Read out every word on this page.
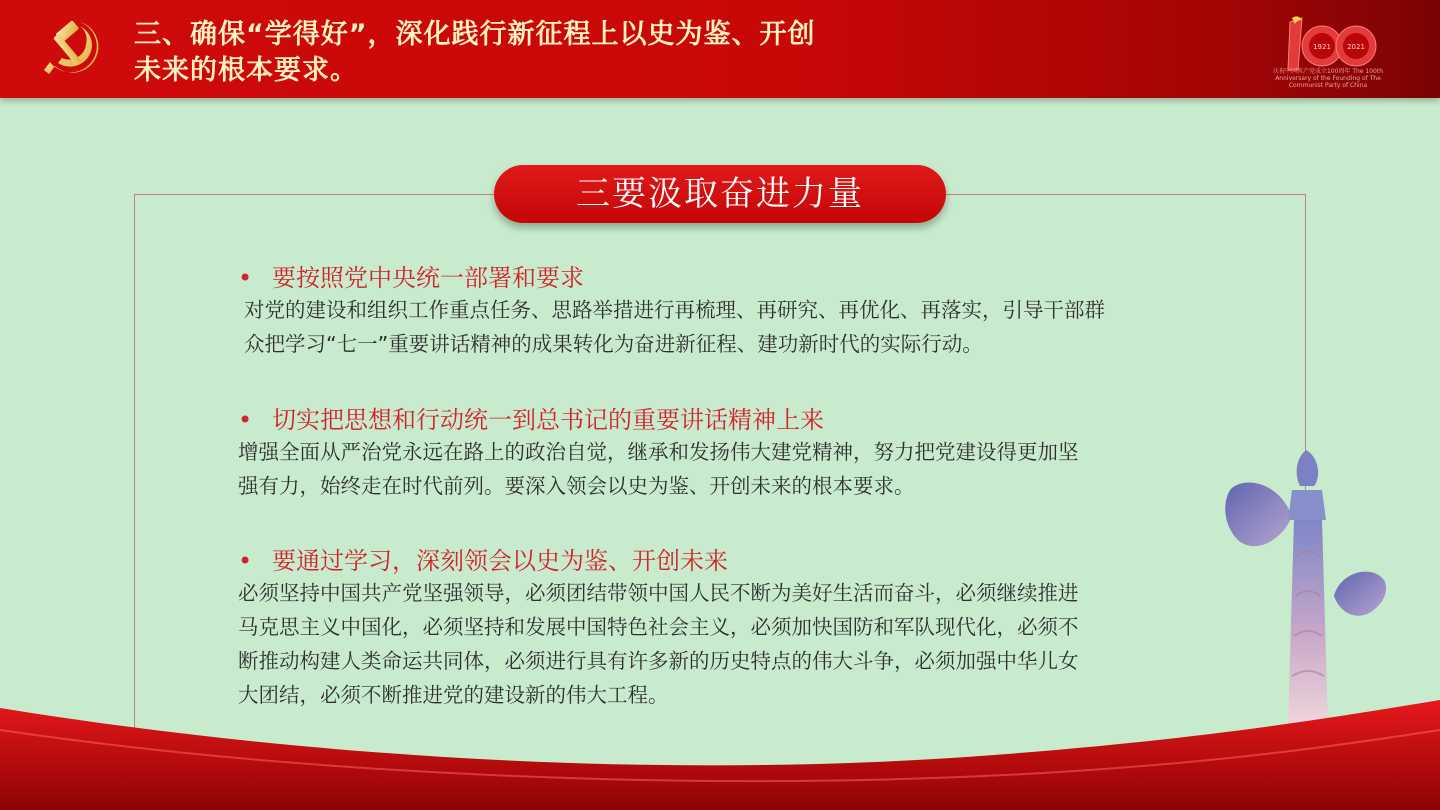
三、确保“学得好”，深化践行新征程上以史为鉴、开创
未来的根本要求。
1921 2021
庆祝中国共产党成立100周年 The 100th Anniversary of the Founding of The Communist Party of China
三要汲取奋进力量
• 要按照党中央统一部署和要求
对党的建设和组织工作重点任务、思路举措进行再梳理、再研究、再优化、再落实，引导干部群
众把学习“七一”重要讲话精神的成果转化为奋进新征程、建功新时代的实际行动。
• 切实把思想和行动统一到总书记的重要讲话精神上来
增强全面从严治党永远在路上的政治自觉，继承和发扬伟大建党精神，努力把党建设得更加坚
强有力，始终走在时代前列。要深入领会以史为鉴、开创未来的根本要求。
• 要通过学习，深刻领会以史为鉴、开创未来
必须坚持中国共产党坚强领导，必须团结带领中国人民不断为美好生活而奋斗，必须继续推进
马克思主义中国化，必须坚持和发展中国特色社会主义，必须加快国防和军队现代化，必须不
断推动构建人类命运共同体，必须进行具有许多新的历史特点的伟大斗争，必须加强中华儿女
大团结，必须不断推进党的建设新的伟大工程。
